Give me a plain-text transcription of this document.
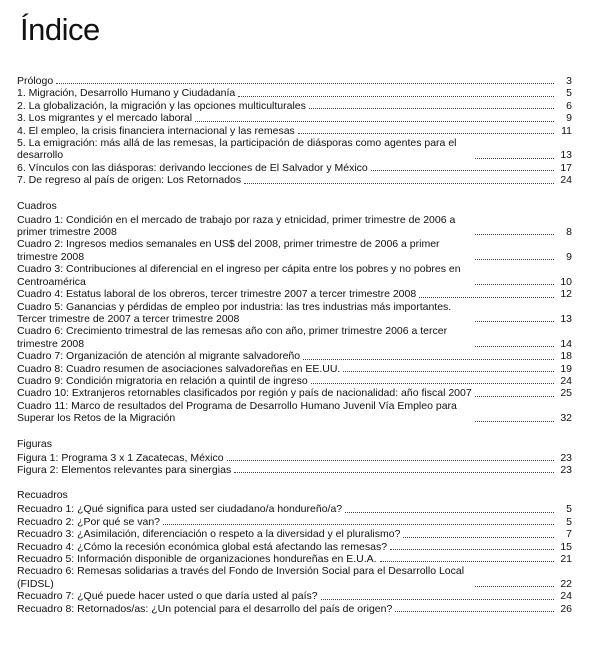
Índice
Prólogo	3
1. Migración, Desarrollo Humano y Ciudadanía	5
2. La globalización, la migración y las opciones multiculturales	6
3. Los migrantes y el mercado laboral	9
4. El empleo, la crisis financiera internacional y las remesas	11
5. La emigración: más allá de las remesas, la participación de diásporas como agentes para el desarrollo	13
6. Vínculos con las diásporas: derivando lecciones de El Salvador y México	17
7. De regreso al país de origen: Los Retornados	24
Cuadros
Cuadro 1: Condición en el mercado de trabajo por raza y etnicidad, primer trimestre de 2006 a primer trimestre 2008	8
Cuadro 2: Ingresos medios semanales en US$ del 2008, primer trimestre de 2006 a primer trimestre 2008	9
Cuadro 3: Contribuciones al diferencial en el ingreso per cápita entre los pobres y no pobres en Centroamérica	10
Cuadro 4: Estatus laboral de los obreros, tercer trimestre 2007 a tercer trimestre 2008	12
Cuadro 5: Ganancias y pérdidas de empleo por industria: las tres industrias más importantes. Tercer trimestre de 2007 a tercer trimestre 2008	13
Cuadro 6: Crecimiento trimestral de las remesas año con año, primer trimestre 2006 a tercer trimestre 2008	14
Cuadro 7: Organización de atención al migrante salvadoreño	18
Cuadro 8: Cuadro resumen de asociaciones salvadoreñas en EE.UU.	19
Cuadro 9: Condición migratoria en relación a quintil de ingreso	24
Cuadro 10: Extranjeros retornables clasificados por región y país de nacionalidad: año fiscal 2007	25
Cuadro 11: Marco de resultados del Programa de Desarrollo Humano Juvenil Vía Empleo para Superar los Retos de la Migración	32
Figuras
Figura 1: Programa 3 x 1 Zacatecas, México	23
Figura 2: Elementos relevantes para sinergias	23
Recuadros
Recuadro 1: ¿Qué significa para usted ser ciudadano/a hondureño/a?	5
Recuadro 2: ¿Por qué se van?	5
Recuadro 3: ¿Asimilación, diferenciación o respeto a la diversidad y el pluralismo?	7
Recuadro 4: ¿Cómo la recesión económica global está afectando las remesas?	15
Recuadro 5: Información disponible de organizaciones hondureñas en E.U.A.	21
Recuadro 6: Remesas solidarias a través del Fondo de Inversión Social para el Desarrollo Local (FIDSL)	22
Recuadro 7: ¿Qué puede hacer usted o que daría usted al país?	24
Recuadro 8: Retornados/as: ¿Un potencial para el desarrollo del país de origen?	26
